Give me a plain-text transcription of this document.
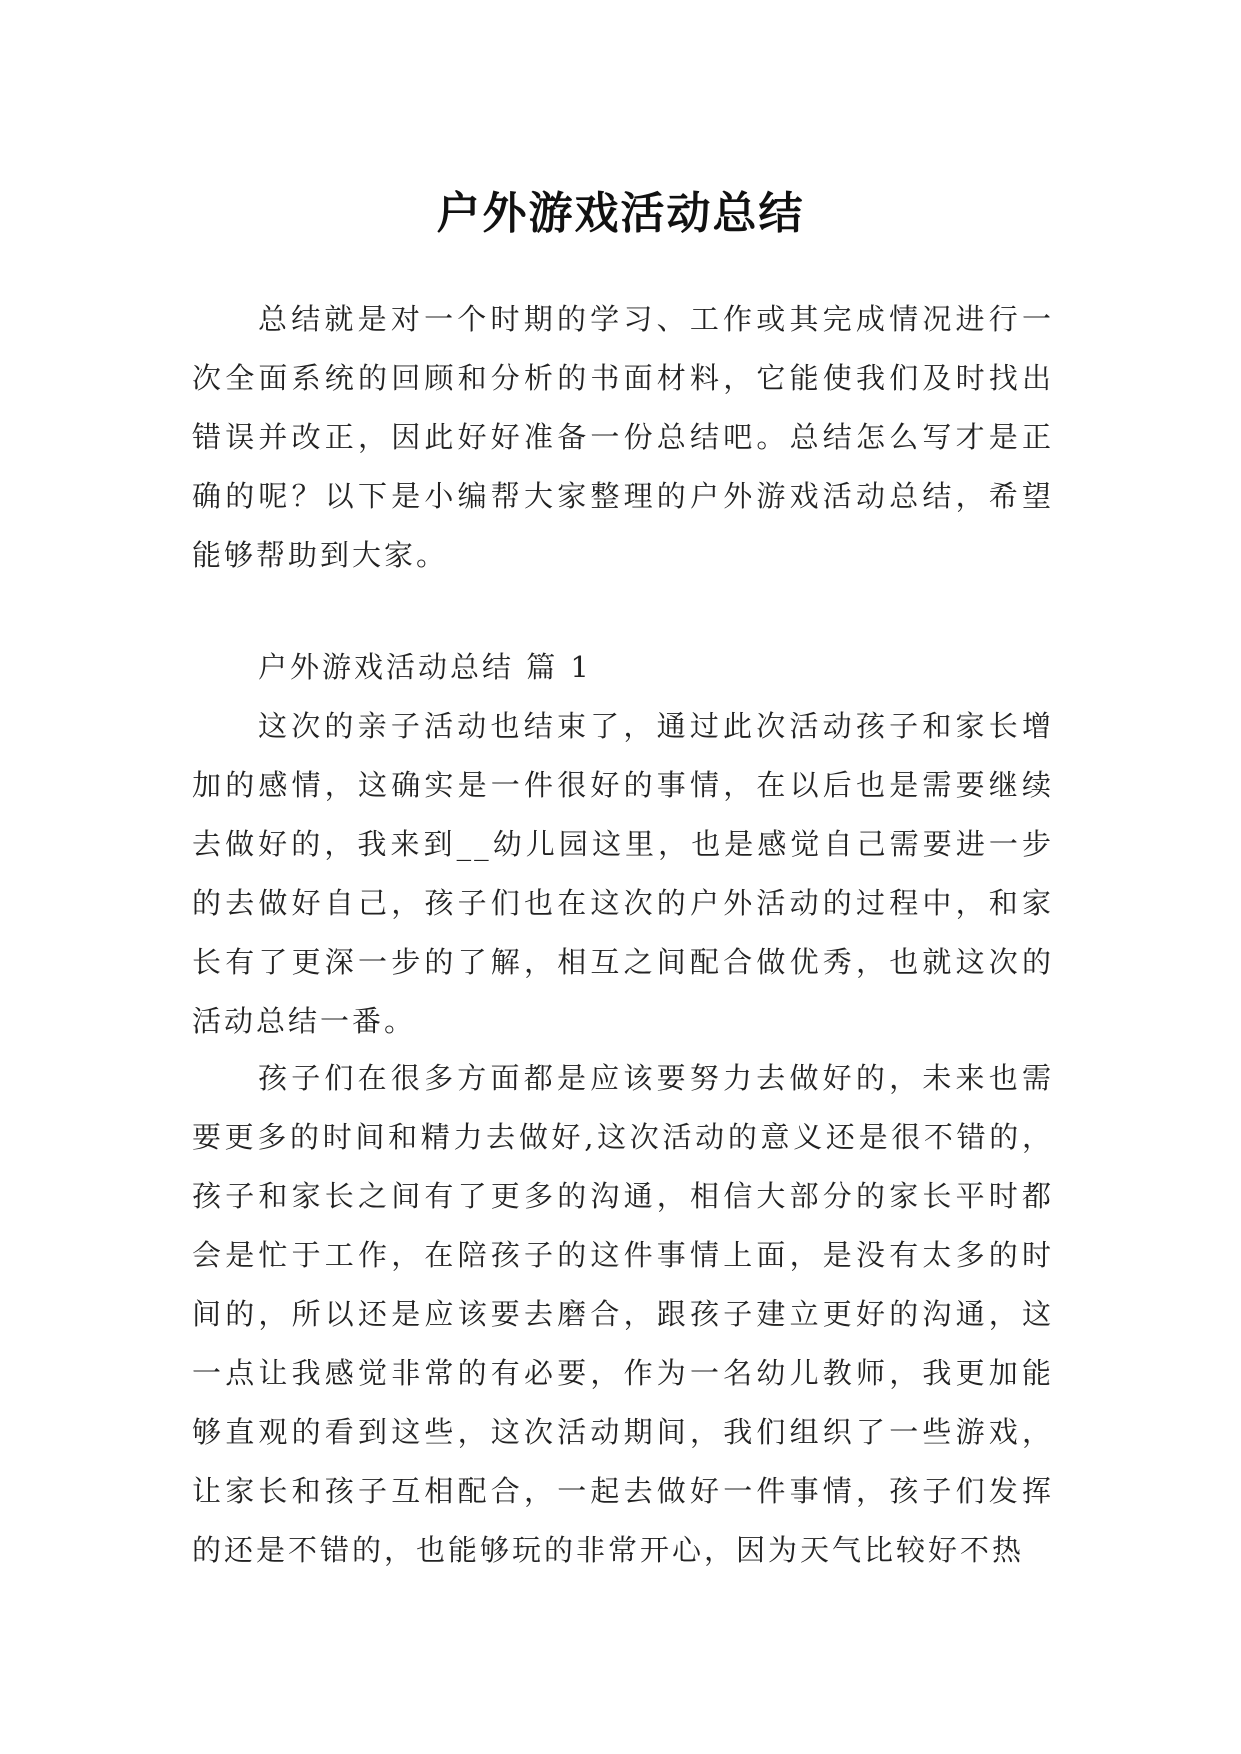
户外游戏活动总结

总结就是对一个时期的学习、工作或其完成情况进行一次全面系统的回顾和分析的书面材料，它能使我们及时找出错误并改正，因此好好准备一份总结吧。总结怎么写才是正确的呢？以下是小编帮大家整理的户外游戏活动总结，希望能够帮助到大家。

户外游戏活动总结 篇 1

这次的亲子活动也结束了，通过此次活动孩子和家长增加的感情，这确实是一件很好的事情，在以后也是需要继续去做好的，我来到__幼儿园这里，也是感觉自己需要进一步的去做好自己，孩子们也在这次的户外活动的过程中，和家长有了更深一步的了解，相互之间配合做优秀，也就这次的活动总结一番。

孩子们在很多方面都是应该要努力去做好的，未来也需要更多的时间和精力去做好,这次活动的意义还是很不错的，孩子和家长之间有了更多的沟通，相信大部分的家长平时都会是忙于工作，在陪孩子的这件事情上面，是没有太多的时间的，所以还是应该要去磨合，跟孩子建立更好的沟通，这一点让我感觉非常的有必要，作为一名幼儿教师，我更加能够直观的看到这些，这次活动期间，我们组织了一些游戏，让家长和孩子互相配合，一起去做好一件事情，孩子们发挥的还是不错的，也能够玩的非常开心，因为天气比较好不热
